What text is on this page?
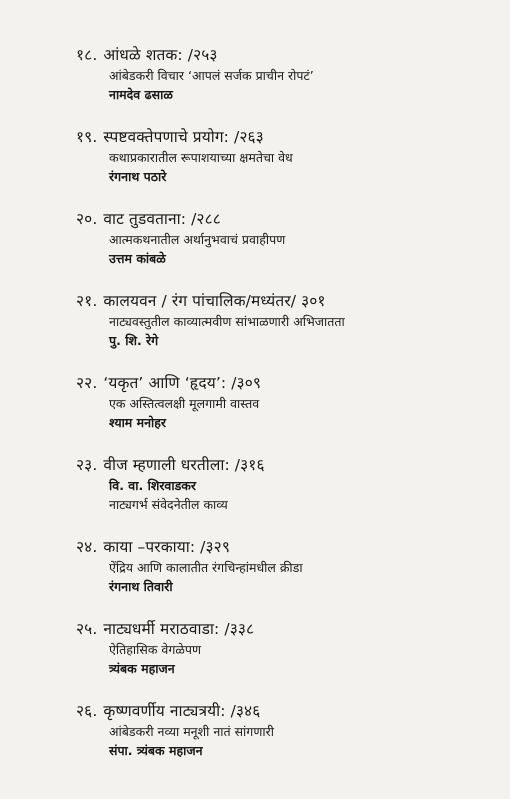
१८. आंधळे शतक: /२५३
आंबेडकरी विचार ‘आपलं सर्जक प्राचीन रोपटं’
नामदेव ढसाळ
१९. स्पष्टवक्तेपणाचे प्रयोग: /२६३
कथाप्रकारातील रूपाशयाच्या क्षमतेचा वेध
रंगनाथ पठारे
२०. वाट तुडवताना: /२८८
आत्मकथनातील अर्थानुभवाचं प्रवाहीपण
उत्तम कांबळे
२१. कालयवन / रंग पांचालिक/मध्यंतर/ ३०१
नाट्यवस्तुतील काव्यात्मवीण सांभाळणारी अभिजातता
पु. शि. रेगे
२२. ‘यकृत’ आणि ‘हृदय’: /३०९
एक अस्तित्वलक्षी मूलगामी वास्तव
श्याम मनोहर
२३. वीज म्हणाली धरतीला: /३१६
वि. वा. शिरवाडकर
नाट्यगर्भ संवेदनेतील काव्य
२४. काया –परकाया: /३२९
ऐंद्रिय आणि कालातीत रंगचिन्हांमधील क्रीडा
रंगनाथ तिवारी
२५. नाट्यधर्मी मराठवाडा: /३३८
ऐतिहासिक वेगळेपण
त्र्यंबक महाजन
२६. कृष्णवर्णीय नाट्यत्रयी: /३४६
आंबेडकरी नव्या मनूशी नातं सांगणारी
संपा. त्र्यंबक महाजन
